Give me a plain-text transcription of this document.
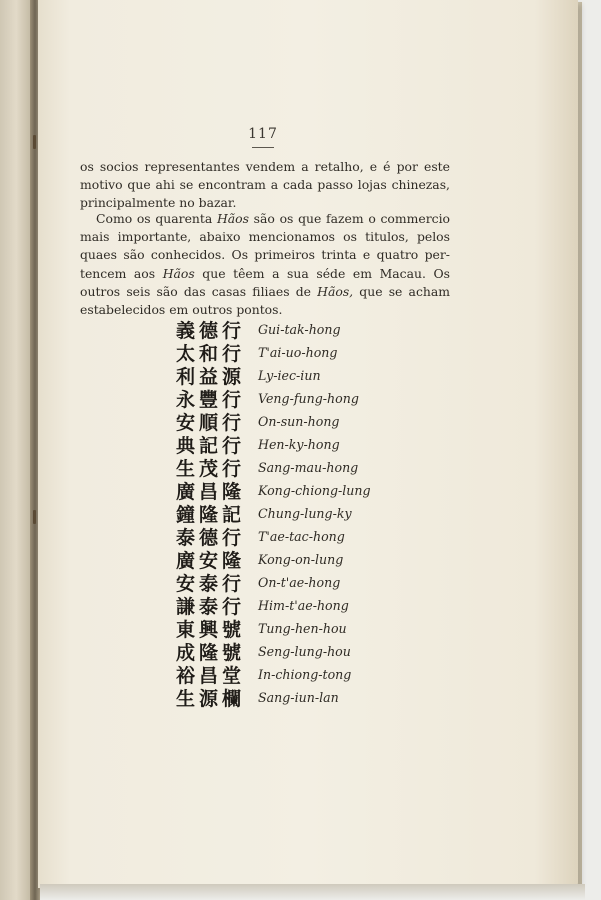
117

os socios representantes vendem a retalho, e é por este
motivo que ahi se encontram a cada passo lojas chinezas,
principalmente no bazar.

Como os quarenta Hãos são os que fazem o commercio
mais importante, abaixo mencionamos os titulos, pelos
quaes são conhecidos. Os primeiros trinta e quatro per-
tencem aos Hãos que têem a sua séde em Macau. Os
outros seis são das casas filiaes de Hãos, que se acham
estabelecidos em outros pontos.

義德行	Gui-tak-hong
太和行	T'ai-uo-hong
利益源	Ly-iec-iun
永豐行	Veng-fung-hong
安順行	On-sun-hong
典記行	Hen-ky-hong
生茂行	Sang-mau-hong
廣昌隆	Kong-chiong-lung
鐘隆記	Chung-lung-ky
泰德行	T'ae-tac-hong
廣安隆	Kong-on-lung
安泰行	On-t'ae-hong
謙泰行	Him-t'ae-hong
東興號	Tung-hen-hou
成隆號	Seng-lung-hou
裕昌堂	In-chiong-tong
生源欄	Sang-iun-lan
